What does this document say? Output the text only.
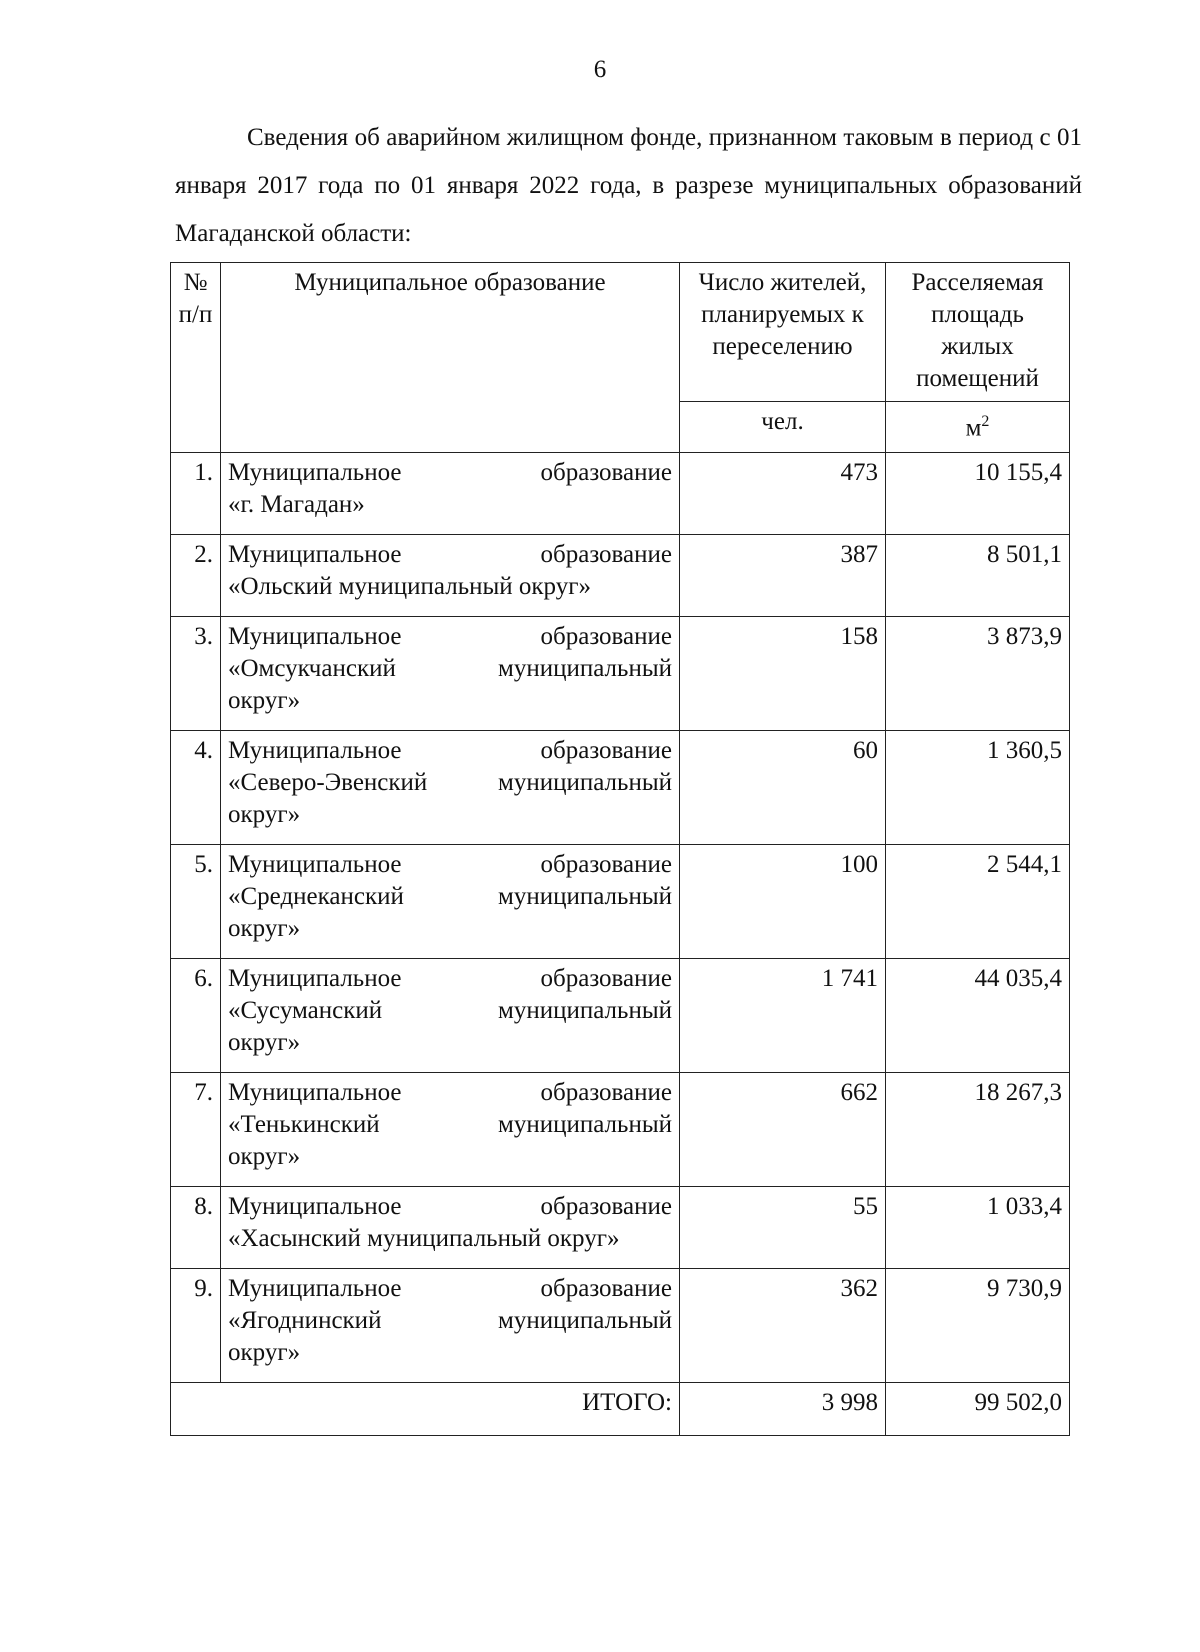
6
Сведения об аварийном жилищном фонде, признанном таковым в период с 01 января 2017 года по 01 января 2022 года, в разрезе муниципальных образований Магаданской области:
№ п/п	Муниципальное образование	Число жителей, планируемых к переселению	Расселяемая площадь жилых помещений
		чел.	$м^2$
1.	Муниципальное образование
«г. Магадан»	473	10 155,4
2.	Муниципальное образование
«Ольский муниципальный округ»	387	8 501,1
3.	Муниципальное образование
«Омсукчанский муниципальный
округ»	158	3 873,9
4.	Муниципальное образование
«Северо-Эвенский муниципальный
округ»	60	1 360,5
5.	Муниципальное образование
«Среднеканский муниципальный
округ»	100	2 544,1
6.	Муниципальное образование
«Сусуманский муниципальный
округ»	1 741	44 035,4
7.	Муниципальное образование
«Тенькинский муниципальный
округ»	662	18 267,3
8.	Муниципальное образование
«Хасынский муниципальный округ»	55	1 033,4
9.	Муниципальное образование
«Ягоднинский муниципальный
округ»	362	9 730,9
ИТОГО:		3 998	99 502,0
